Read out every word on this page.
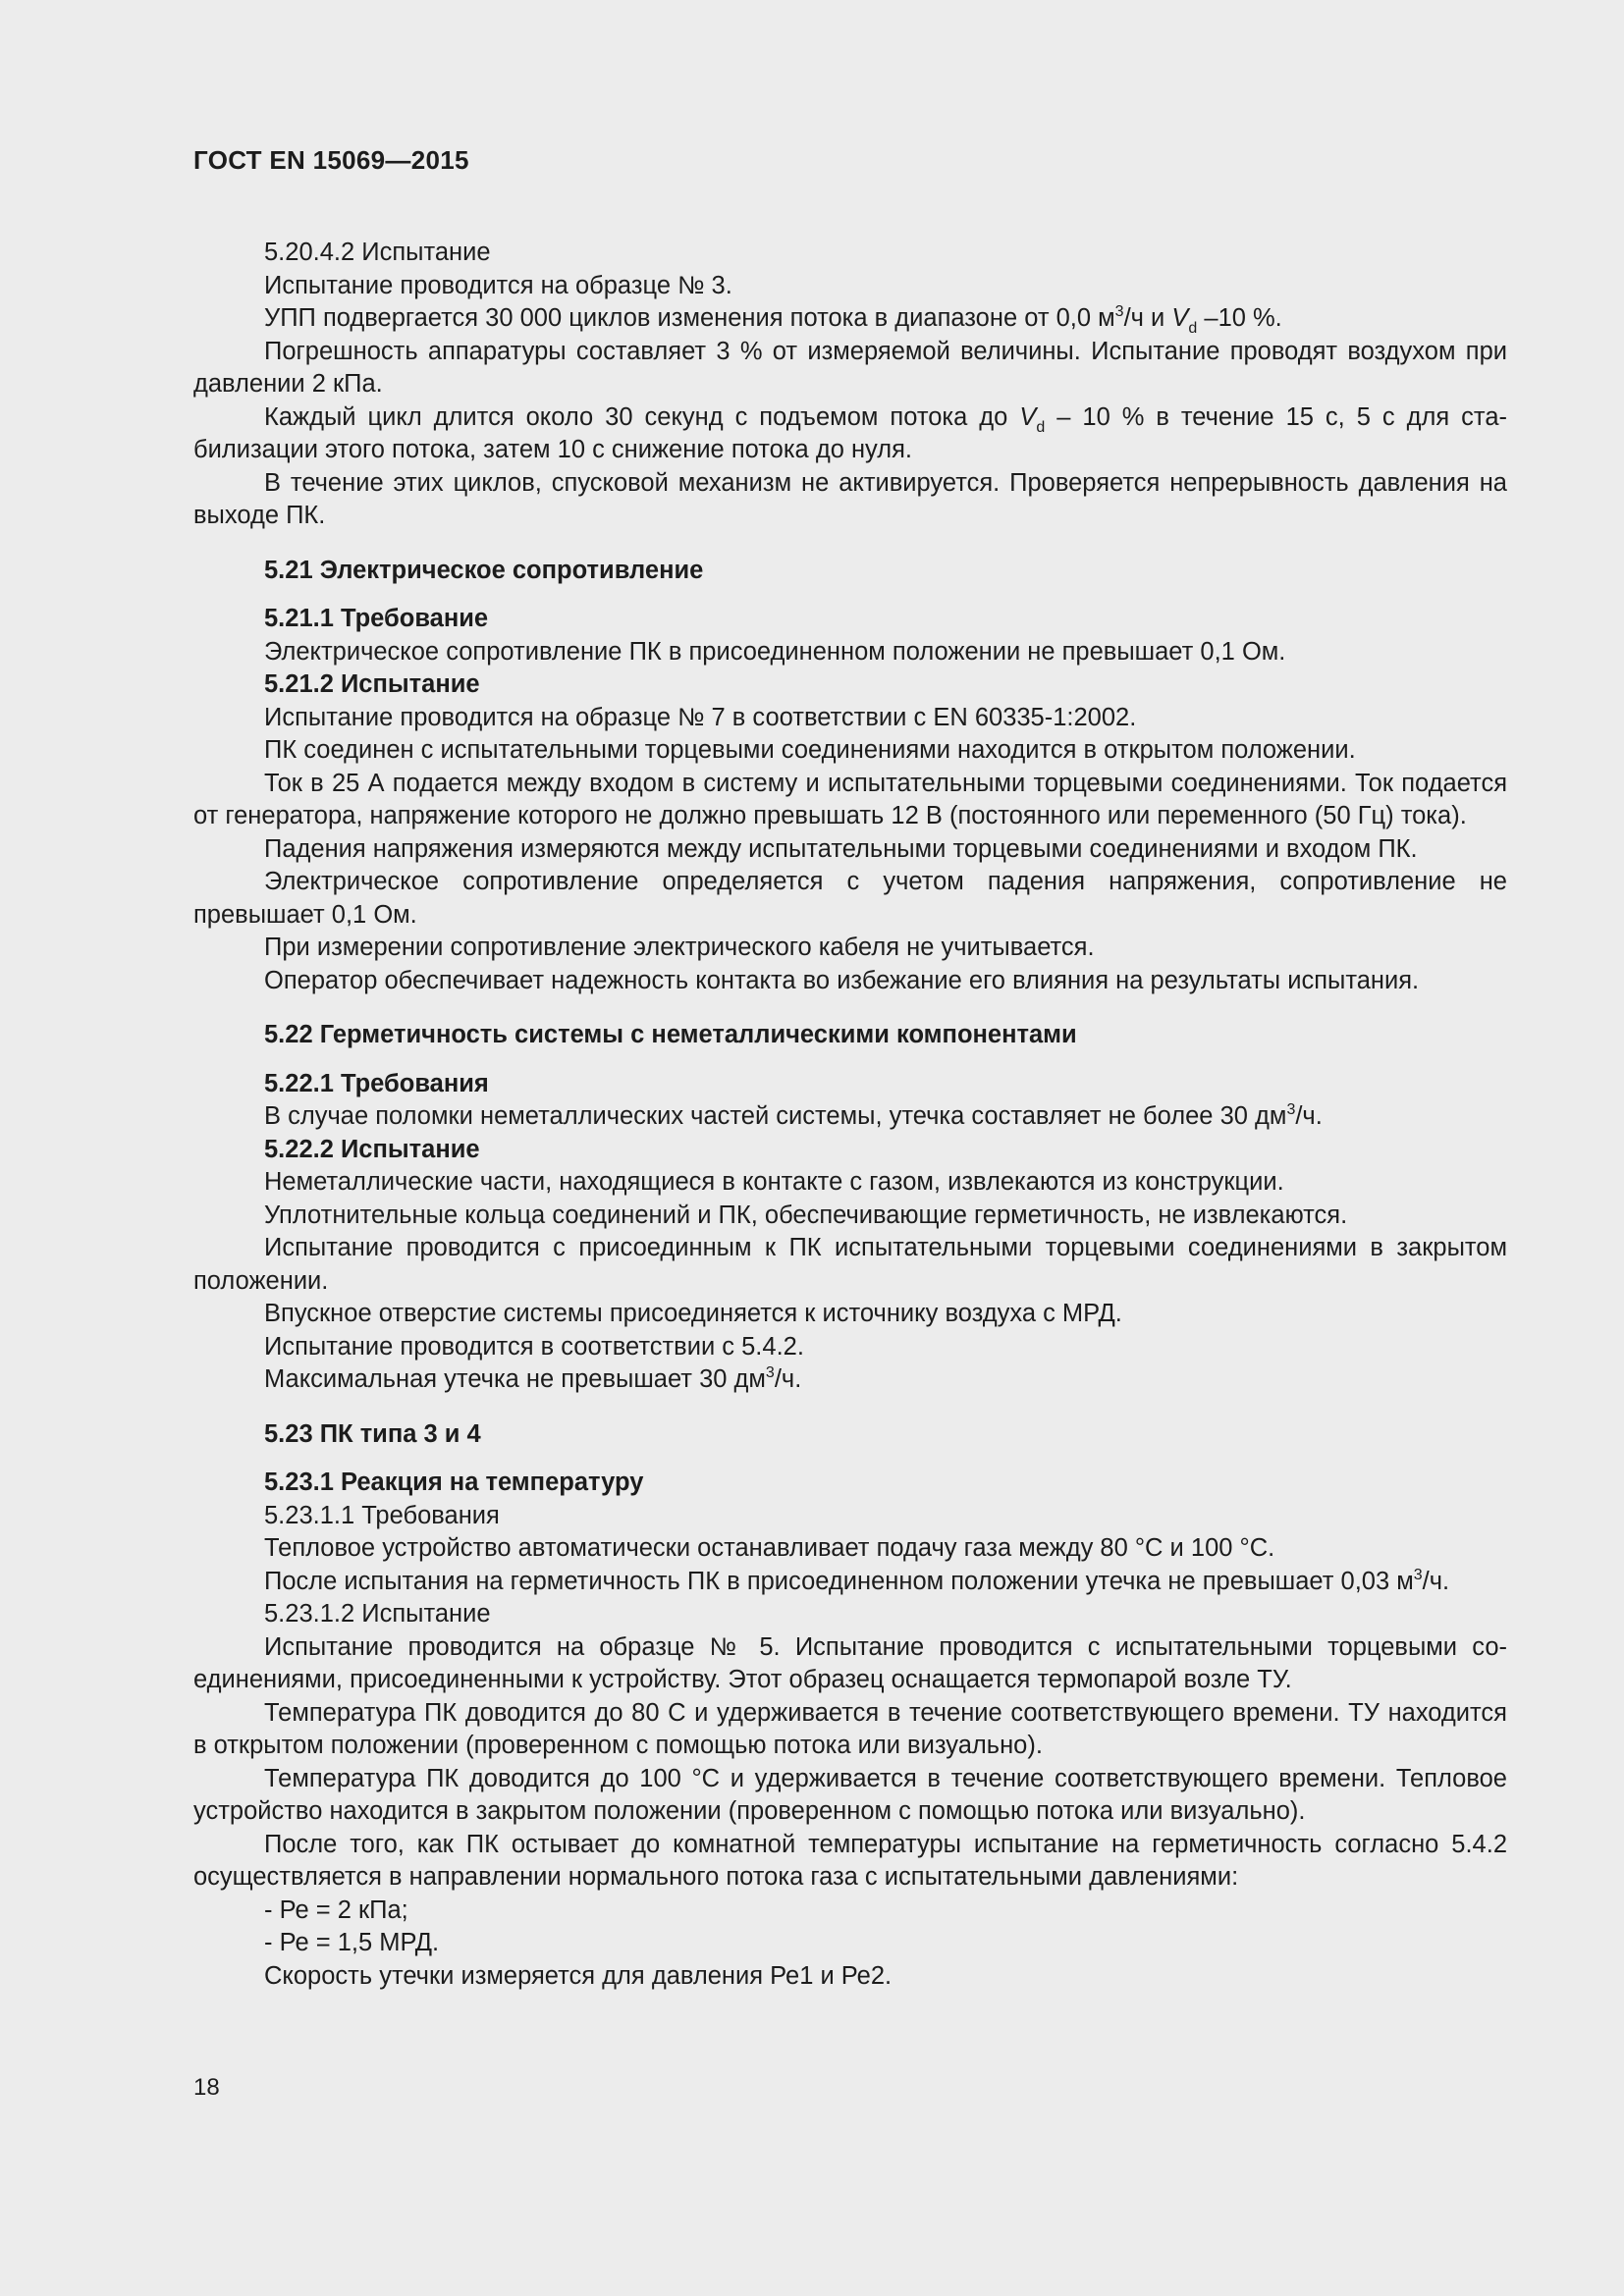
ГОСТ EN 15069—2015

5.20.4.2 Испытание

Испытание проводится на образце № 3.

УПП подвергается 30 000 циклов изменения потока в диапазоне от 0,0 $м^3/ч$ и $V_d$ –10 %.

Погрешность аппаратуры составляет 3 % от измеряемой величины. Испытание проводят воздухом при давлении 2 кПа.

Каждый цикл длится около 30 секунд с подъемом потока до $V_d - 10$ % в течение 15 с, 5 с для стабилизации этого потока, затем 10 с снижение потока до нуля.

В течение этих циклов, спусковой механизм не активируется. Проверяется непрерывность давления на выходе ПК.

5.21 Электрическое сопротивление

5.21.1 Требование

Электрическое сопротивление ПК в присоединенном положении не превышает 0,1 Ом.

5.21.2 Испытание

Испытание проводится на образце № 7 в соответствии с EN 60335-1:2002.

ПК соединен с испытательными торцевыми соединениями находится в открытом положении.

Ток в 25 А подается между входом в систему и испытательными торцевыми соединениями. Ток подается от генератора, напряжение которого не должно превышать 12 В (постоянного или переменного (50 Гц) тока).

Падения напряжения измеряются между испытательными торцевыми соединениями и входом ПК.

Электрическое сопротивление определяется с учетом падения напряжения, сопротивление не превышает 0,1 Ом.

При измерении сопротивление электрического кабеля не учитывается.

Оператор обеспечивает надежность контакта во избежание его влияния на результаты испытания.

5.22 Герметичность системы с неметаллическими компонентами

5.22.1 Требования

В случае поломки неметаллических частей системы, утечка составляет не более 30 $дм^3/ч$.

5.22.2 Испытание

Неметаллические части, находящиеся в контакте с газом, извлекаются из конструкции.

Уплотнительные кольца соединений и ПК, обеспечивающие герметичность, не извлекаются.

Испытание проводится с присоединным к ПК испытательными торцевыми соединениями в закрытом положении.

Впускное отверстие системы присоединяется к источнику воздуха с МРД.

Испытание проводится в соответствии с 5.4.2.

Максимальная утечка не превышает 30 $дм^3/ч$.

5.23 ПК типа 3 и 4

5.23.1 Реакция на температуру

5.23.1.1 Требования

Тепловое устройство автоматически останавливает подачу газа между 80 °С и 100 °С.

После испытания на герметичность ПК в присоединенном положении утечка не превышает 0,03 $м^3/ч$.

5.23.1.2 Испытание

Испытание проводится на образце № 5. Испытание проводится с испытательными торцевыми соединениями, присоединенными к устройству. Этот образец оснащается термопарой возле ТУ.

Температура ПК доводится до 80 С и удерживается в течение соответствующего времени. ТУ находится в открытом положении (проверенном с помощью потока или визуально).

Температура ПК доводится до 100 °С и удерживается в течение соответствующего времени. Тепловое устройство находится в закрытом положении (проверенном с помощью потока или визуально).

После того, как ПК остывает до комнатной температуры испытание на герметичность согласно 5.4.2 осуществляется в направлении нормального потока газа с испытательными давлениями:

- Ре = 2 кПа;

- Ре = 1,5 МРД.

Скорость утечки измеряется для давления Ре1 и Ре2.

18
